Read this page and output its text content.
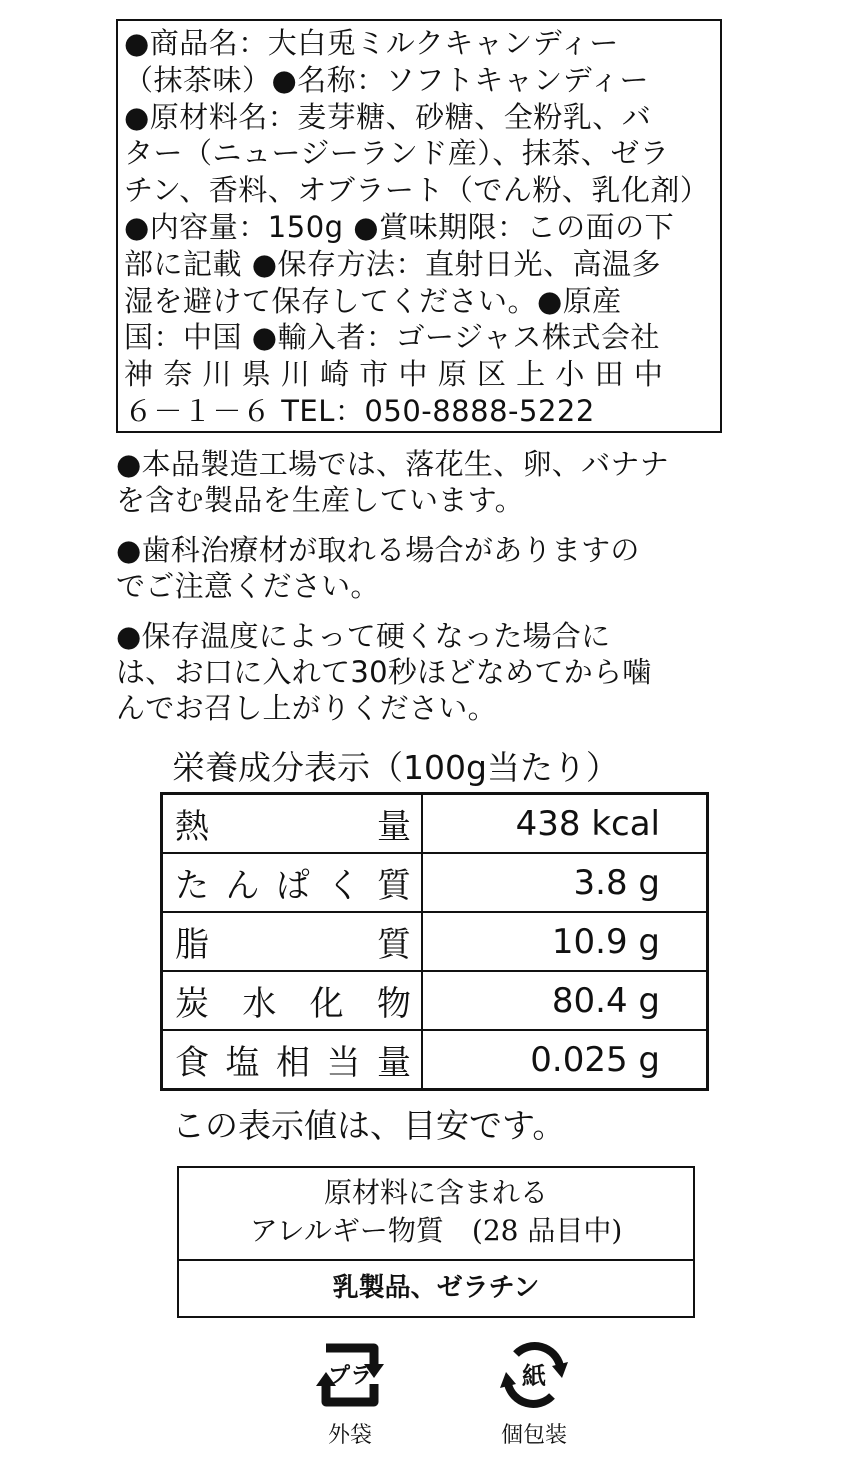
●商品名：大白兎ミルクキャンディー
（抹茶味）●名称：ソフトキャンディー
●原材料名：麦芽糖、砂糖、全粉乳、バ
ター（ニュージーランド産）、抹茶、ゼラ
チン、香料、オブラート（でん粉、乳化剤）
●内容量：150g ●賞味期限：この面の下
部に記載 ●保存方法：直射日光、高温多
湿を避けて保存してください。●原産
国：中国 ●輸入者：ゴージャス株式会社
神 奈 川 県 川 崎 市 中 原 区 上 小 田 中
６－１－６ TEL：050-8888-5222
●本品製造工場では、落花生、卵、バナナ
を含む製品を生産しています。
●歯科治療材が取れる場合がありますの
でご注意ください。
●保存温度によって硬くなった場合に
は、お口に入れて30秒ほどなめてから噛
んでお召し上がりください。
栄養成分表示（100g当たり）
熱 量	438 kcal

た ん ぱ く 質	3.8 g

脂 質	10.9 g

炭 水 化 物	80.4 g

食 塩 相 当 量	0.025 g
この表示値は、目安です。
原材料に含まれる
アレルギー物質　(28 品目中)
乳製品、ゼラチン
プラ
外袋
紙
個包装
